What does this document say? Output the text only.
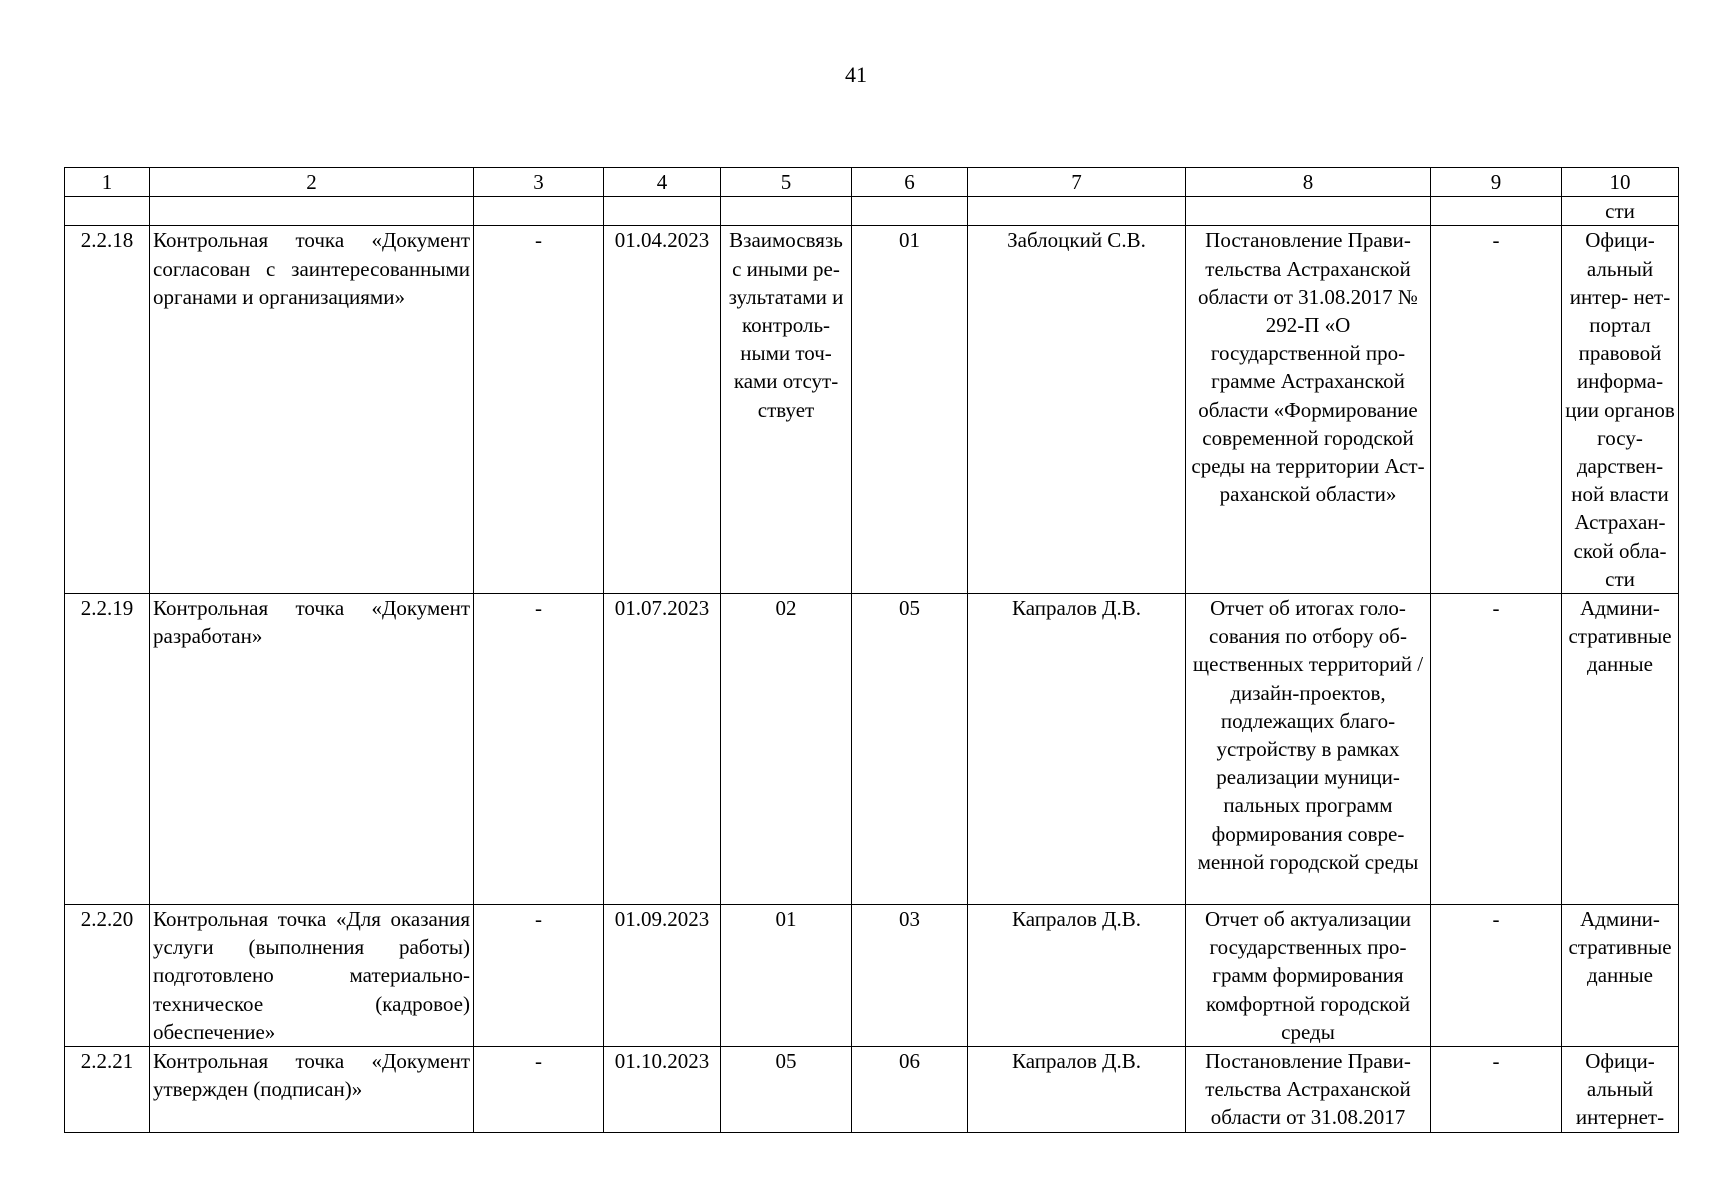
41
1	2	3	4	5	6	7	8	9	10
									сти
2.2.18	Контрольная точка «Документ согласован с заинтересованными органами и организациями»	-	01.04.2023	Взаимосвязь с иными результатами и контрольными точками отсутствует	01	Заблоцкий С.В.	Постановление Правительства Астраханской области от 31.08.2017 № 292-П «О государственной программе Астраханской области «Формирование современной городской среды на территории Астраханской области»	-	Официальный интер- нет- портал правовой информации органов государственной власти Астраханской области
2.2.19	Контрольная точка «Документ разработан»	-	01.07.2023	02	05	Капралов Д.В.	Отчет об итогах голосования по отбору общественных территорий / дизайн-проектов, подлежащих благоустройству в рамках реализации муниципальных программ формирования современной городской среды	-	Административные данные
2.2.20	Контрольная точка «Для оказания услуги (выполнения работы) подготовлено материально-техническое (кадровое) обеспечение»	-	01.09.2023	01	03	Капралов Д.В.	Отчет об актуализации государственных программ формирования комфортной городской среды	-	Административные данные
2.2.21	Контрольная точка «Документ утвержден (подписан)»	-	01.10.2023	05	06	Капралов Д.В.	Постановление Правительства Астраханской области от 31.08.2017	-	Официальный интернет-
